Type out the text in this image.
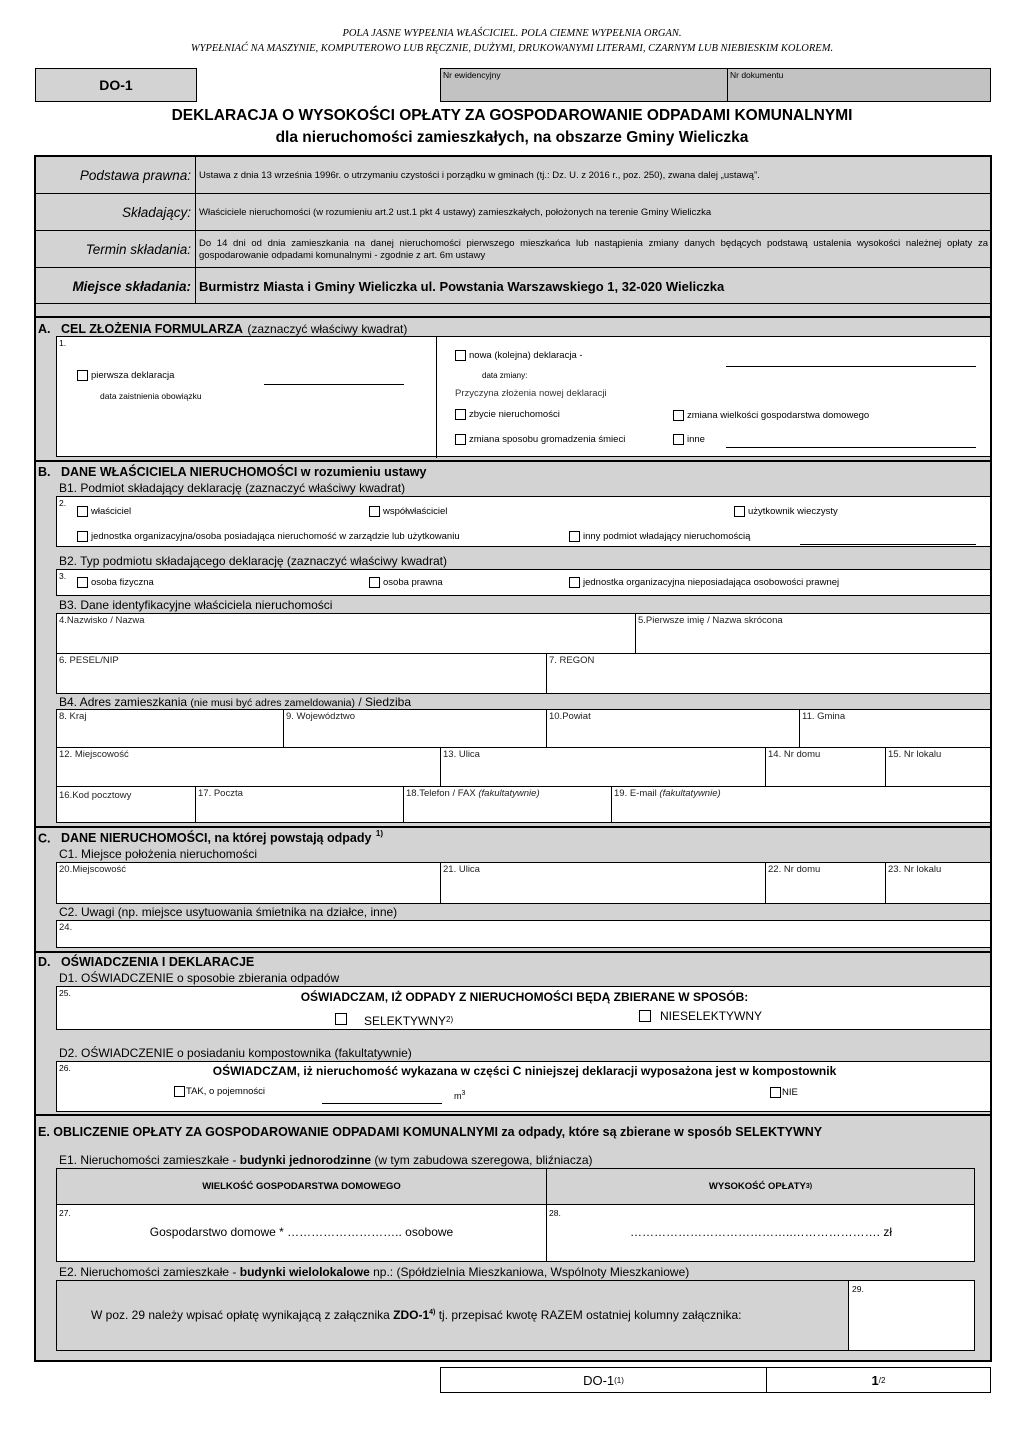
POLA JASNE WYPEŁNIA WŁAŚCICIEL. POLA CIEMNE WYPEŁNIA ORGAN.
WYPEŁNIAĆ NA MASZYNIE, KOMPUTEROWO LUB RĘCZNIE, DUŻYMI, DRUKOWANYMI LITERAMI, CZARNYM LUB NIEBIESKIM KOLOREM.
DO-1
Nr ewidencyjny	Nr dokumentu
DEKLARACJA O WYSOKOŚCI OPŁATY ZA GOSPODAROWANIE ODPADAMI KOMUNALNYMI
dla nieruchomości zamieszkałych, na obszarze Gminy Wieliczka
Podstawa prawna: Ustawa z dnia 13 września 1996r. o utrzymaniu czystości i porządku w gminach (tj.: Dz. U. z 2016 r., poz. 250), zwana dalej „ustawą”.
Składający: Właściciele nieruchomości (w rozumieniu art.2 ust.1 pkt 4 ustawy) zamieszkałych, położonych na terenie Gminy Wieliczka
Termin składania: Do 14 dni od dnia zamieszkania na danej nieruchomości pierwszego mieszkańca lub nastąpienia zmiany danych będących podstawą ustalenia wysokości należnej opłaty za gospodarowanie odpadami komunalnymi - zgodnie z art. 6m ustawy
Miejsce składania: Burmistrz Miasta i Gminy Wieliczka ul. Powstania Warszawskiego 1, 32-020 Wieliczka
A. CEL ZŁOŻENIA FORMULARZA (zaznaczyć właściwy kwadrat)
1.
pierwsza deklaracja
data zaistnienia obowiązku
nowa (kolejna) deklaracja -
data zmiany:
Przyczyna złożenia nowej deklaracji
zbycie nieruchomości	zmiana wielkości gospodarstwa domowego
zmiana sposobu gromadzenia śmieci	inne
B. DANE WŁAŚCICIELA NIERUCHOMOŚCI w rozumieniu ustawy
B1. Podmiot składający deklarację (zaznaczyć właściwy kwadrat)
2.
właściciel	współwłaściciel	użytkownik wieczysty
jednostka organizacyjna/osoba posiadająca nieruchomość w zarządzie lub użytkowaniu	inny podmiot władający nieruchomością
B2. Typ podmiotu składającego deklarację (zaznaczyć właściwy kwadrat)
3.
osoba fizyczna	osoba prawna	jednostka organizacyjna nieposiadająca osobowości prawnej
B3. Dane identyfikacyjne właściciela nieruchomości
4.Nazwisko / Nazwa	5.Pierwsze imię / Nazwa skrócona
6. PESEL/NIP	7. REGON
B4. Adres zamieszkania (nie musi być adres zameldowania) / Siedziba
8. Kraj	9. Województwo	10.Powiat	11. Gmina
12. Miejscowość	13. Ulica	14. Nr domu	15. Nr lokalu
16.Kod pocztowy	17. Poczta	18.Telefon / FAX (fakultatywnie)	19. E-mail (fakultatywnie)
C. DANE NIERUCHOMOŚCI, na której powstają odpady $^{1)}$
C1. Miejsce położenia nieruchomości
20.Miejscowość	21. Ulica	22. Nr domu	23. Nr lokalu
C2. Uwagi (np. miejsce usytuowania śmietnika na działce, inne)
24.
D. OŚWIADCZENIA I DEKLARACJE
D1. OŚWIADCZENIE o sposobie zbierania odpadów
25.	OŚWIADCZAM, IŻ ODPADY Z NIERUCHOMOŚCI BĘDĄ ZBIERANE W SPOSÓB:
SELEKTYWNY 2)	NIESELEKTYWNY
D2. OŚWIADCZENIE o posiadaniu kompostownika (fakultatywnie)
26.	OŚWIADCZAM, iż nieruchomość wykazana w części C niniejszej deklaracji wyposażona jest w kompostownik
TAK, o pojemności	$m^3$	NIE
E. OBLICZENIE OPŁATY ZA GOSPODAROWANIE ODPADAMI KOMUNALNYMI za odpady, które są zbierane w sposób SELEKTYWNY
E1. Nieruchomości zamieszkałe - budynki jednorodzinne (w tym zabudowa szeregowa, bliźniacza)
WIELKOŚĆ GOSPODARSTWA DOMOWEGO	WYSOKOŚĆ OPŁATY 3)
27.
Gospodarstwo domowe * ……………………….. osobowe
28.
…………………………………..…………………. zł
E2. Nieruchomości zamieszkałe - budynki wielolokalowe np.: (Spółdzielnia Mieszkaniowa, Wspólnoty Mieszkaniowe)
W poz. 29 należy wpisać opłatę wynikającą z załącznika ZDO-1$^{4)}$ tj. przepisać kwotę RAZEM ostatniej kolumny załącznika:
29.
DO-1 (1)	1 /2
